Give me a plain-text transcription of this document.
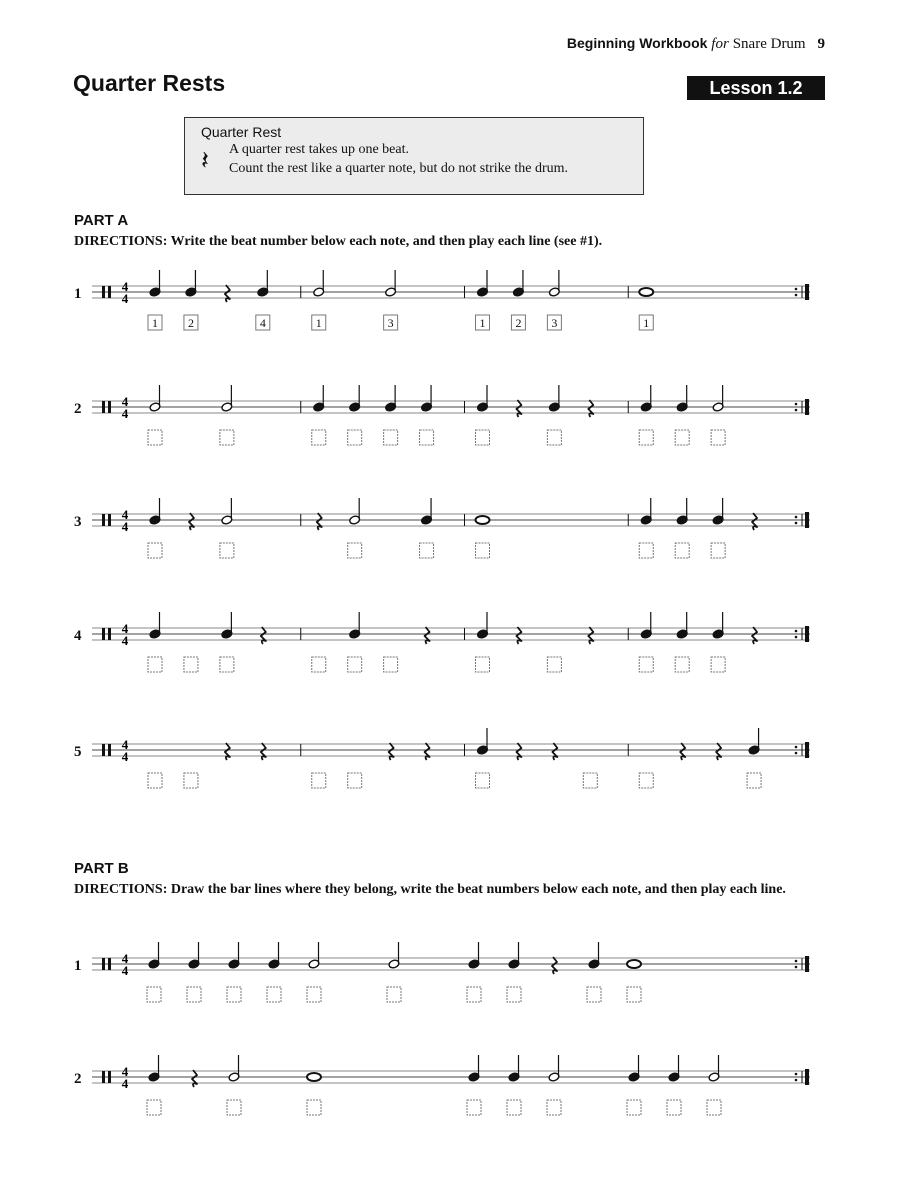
Beginning Workbook for Snare Drum 9
Quarter Rests	Lesson 1.2
Quarter Rest
𝄽 A quarter rest takes up one beat.
Count the rest like a quarter note, but do not strike the drum.
PART A
DIRECTIONS: Write the beat number below each note, and then play each line (see #1).
1	4
4
1 2	4	1	3	1 2 3	1
2	4
4
3	4
4
4	4
4
5	4
4
PART B
DIRECTIONS: Draw the bar lines where they belong, write the beat numbers below each note, and then play each line.
1	4
4
2	4
4
